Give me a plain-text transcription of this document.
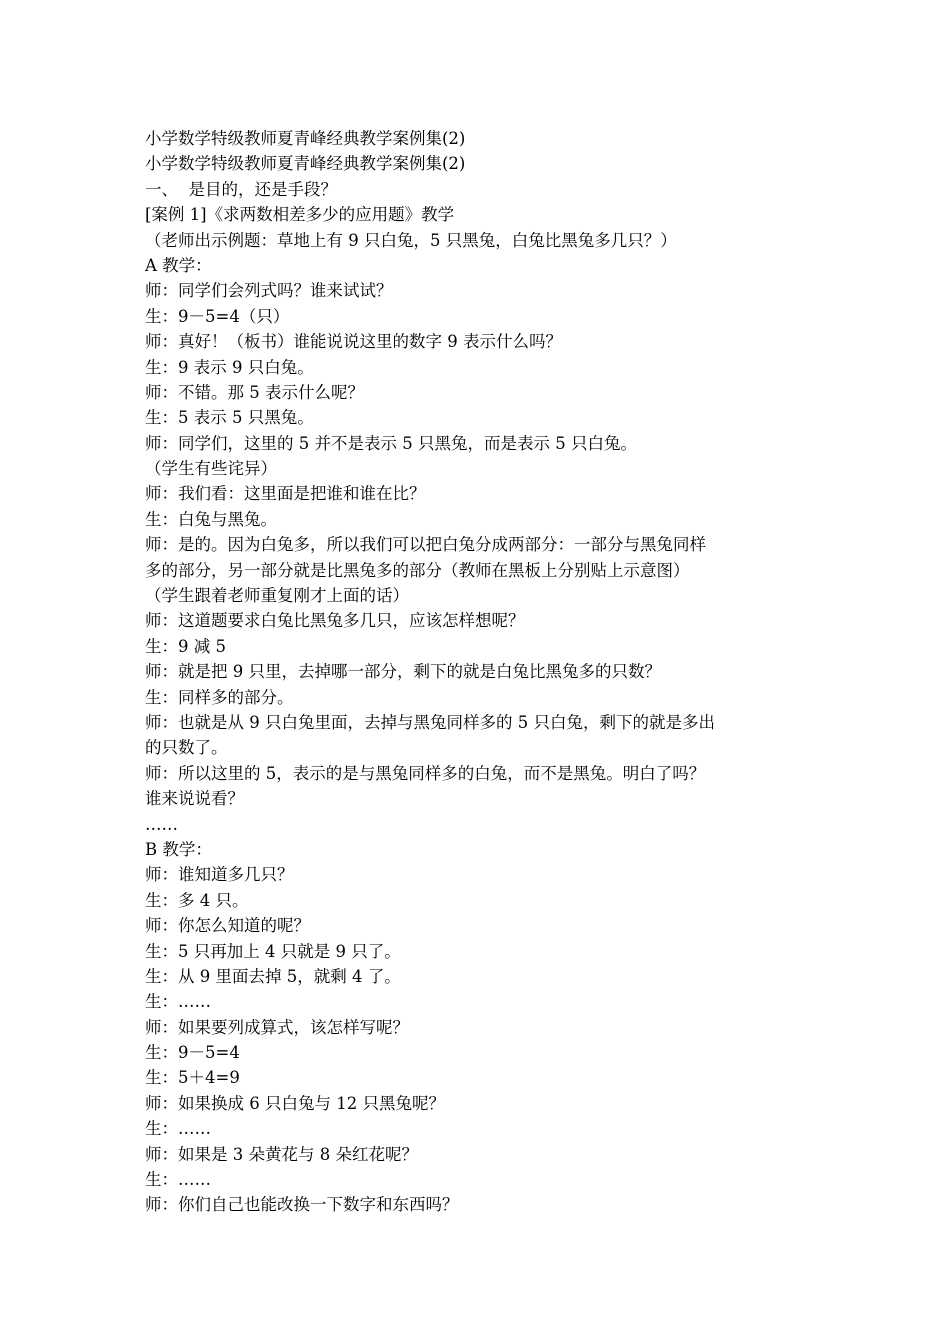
小学数学特级教师夏青峰经典教学案例集(2)
小学数学特级教师夏青峰经典教学案例集(2)
一、  是目的，还是手段？
[案例 1]《求两数相差多少的应用题》教学
（老师出示例题：草地上有 9 只白兔，5 只黑兔，白兔比黑兔多几只？）
A 教学：
师：同学们会列式吗？谁来试试？
生：9－5=4（只）
师：真好！（板书）谁能说说这里的数字 9 表示什么吗？
生：9 表示 9 只白兔。
师：不错。那 5 表示什么呢？
生：5 表示 5 只黑兔。
师：同学们，这里的 5 并不是表示 5 只黑兔，而是表示 5 只白兔。
（学生有些诧异）
师：我们看：这里面是把谁和谁在比？
生：白兔与黑兔。
师：是的。因为白兔多，所以我们可以把白兔分成两部分：一部分与黑兔同样
多的部分，另一部分就是比黑兔多的部分（教师在黑板上分别贴上示意图）
（学生跟着老师重复刚才上面的话）
师：这道题要求白兔比黑兔多几只，应该怎样想呢？
生：9 减 5
师：就是把 9 只里，去掉哪一部分，剩下的就是白兔比黑兔多的只数？
生：同样多的部分。
师：也就是从 9 只白兔里面，去掉与黑兔同样多的 5 只白兔，剩下的就是多出
的只数了。
师：所以这里的 5，表示的是与黑兔同样多的白兔，而不是黑兔。明白了吗？
谁来说说看？
……
B 教学：
师：谁知道多几只？
生：多 4 只。
师：你怎么知道的呢？
生：5 只再加上 4 只就是 9 只了。
生：从 9 里面去掉 5，就剩 4 了。
生：……
师：如果要列成算式，该怎样写呢？
生：9－5=4
生：5＋4=9
师：如果换成 6 只白兔与 12 只黑兔呢？
生：……
师：如果是 3 朵黄花与 8 朵红花呢？
生：……
师：你们自己也能改换一下数字和东西吗？
